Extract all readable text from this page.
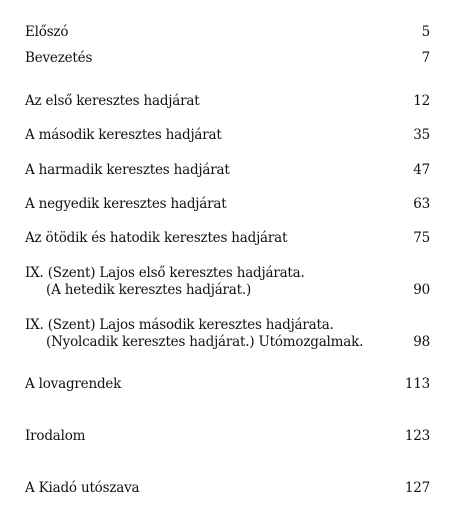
Előszó	5
Bevezetés	7
Az első keresztes hadjárat	12
A második keresztes hadjárat	35
A harmadik keresztes hadjárat	47
A negyedik keresztes hadjárat	63
Az ötödik és hatodik keresztes hadjárat	75
IX. (Szent) Lajos első keresztes hadjárata.
(A hetedik keresztes hadjárat.)	90
IX. (Szent) Lajos második keresztes hadjárata.
(Nyolcadik keresztes hadjárat.) Utómozgalmak.	98
A lovagrendek	113
Irodalom	123
A Kiadó utószava	127
